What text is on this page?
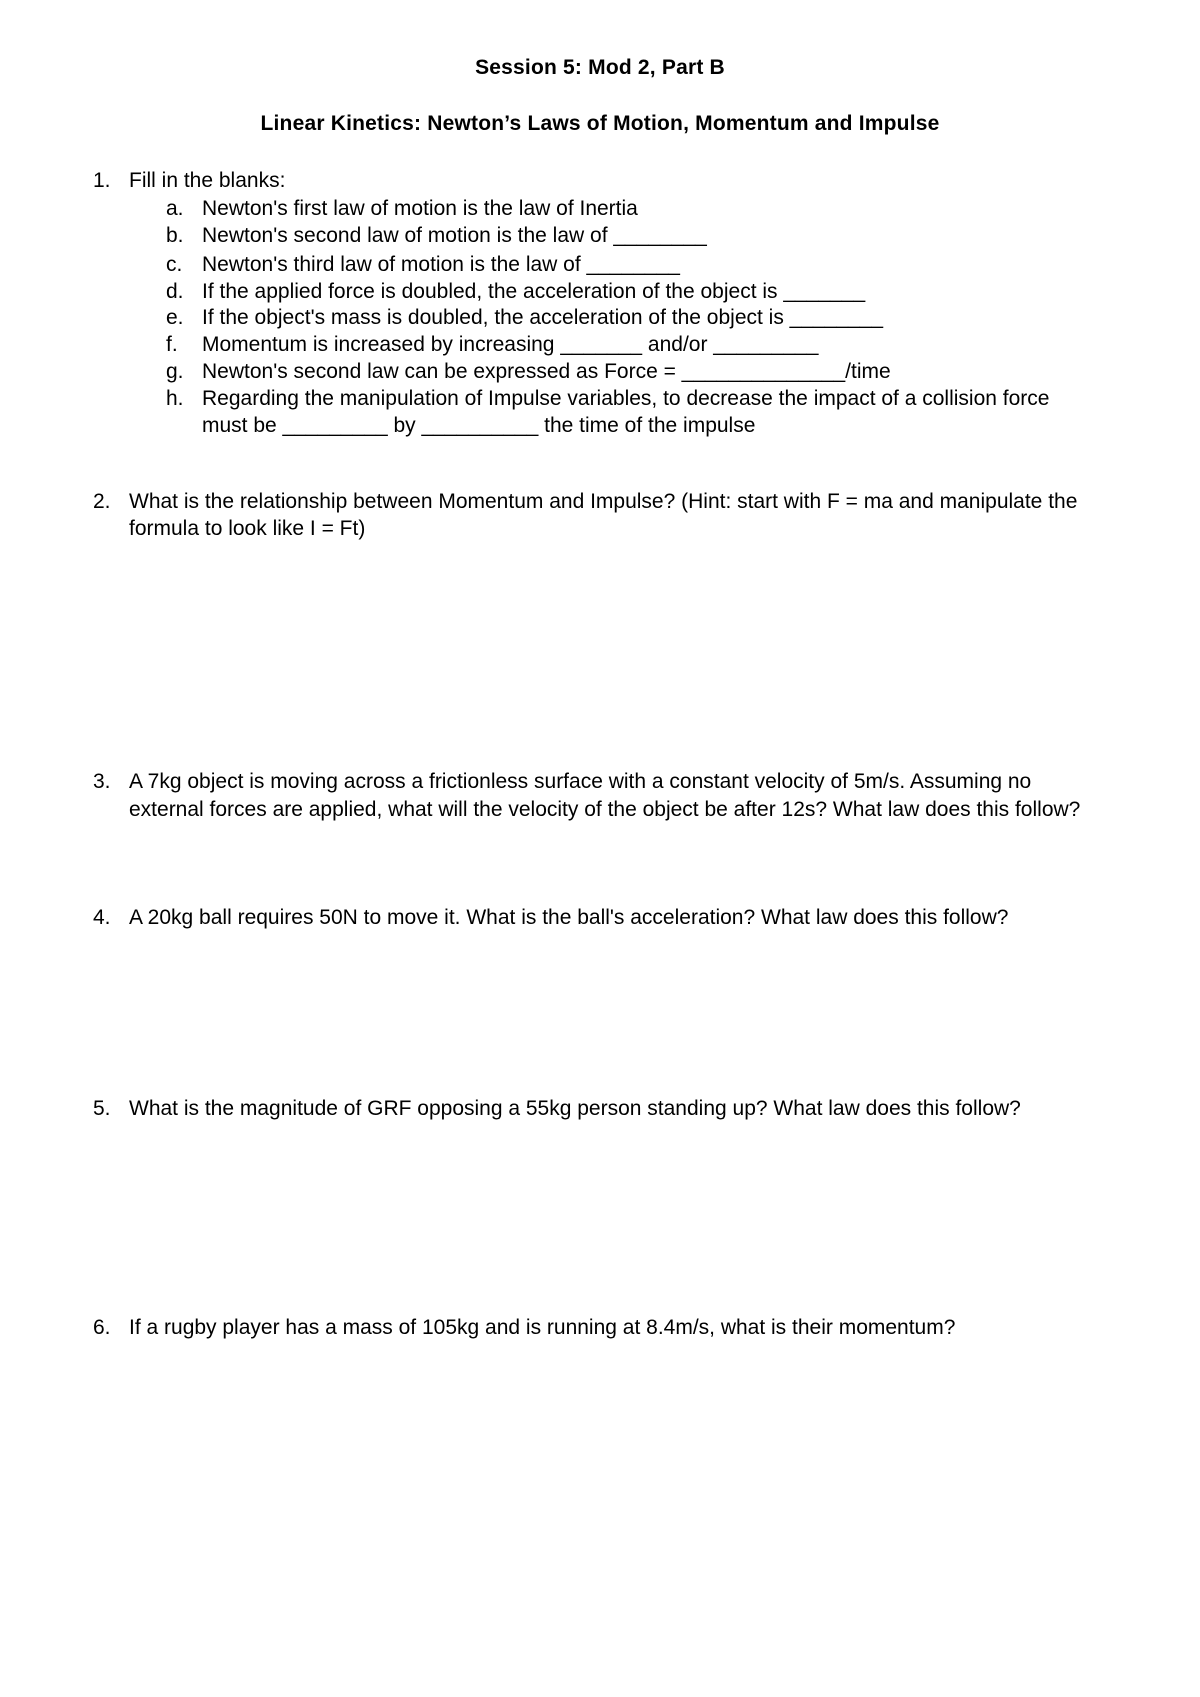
Session 5: Mod 2, Part B
Linear Kinetics: Newton’s Laws of Motion, Momentum and Impulse
1. Fill in the blanks:
a. Newton's first law of motion is the law of Inertia
b. Newton's second law of motion is the law of ________
c. Newton's third law of motion is the law of ________
d. If the applied force is doubled, the acceleration of the object is _______
e. If the object's mass is doubled, the acceleration of the object is ________
f. Momentum is increased by increasing _______ and/or _________
g. Newton's second law can be expressed as Force = ______________/time
h. Regarding the manipulation of Impulse variables, to decrease the impact of a collision force
must be _________ by __________ the time of the impulse
2. What is the relationship between Momentum and Impulse? (Hint: start with F = ma and manipulate the
formula to look like I = Ft)
3. A 7kg object is moving across a frictionless surface with a constant velocity of 5m/s. Assuming no
external forces are applied, what will the velocity of the object be after 12s? What law does this follow?
4. A 20kg ball requires 50N to move it. What is the ball's acceleration? What law does this follow?
5. What is the magnitude of GRF opposing a 55kg person standing up? What law does this follow?
6. If a rugby player has a mass of 105kg and is running at 8.4m/s, what is their momentum?
